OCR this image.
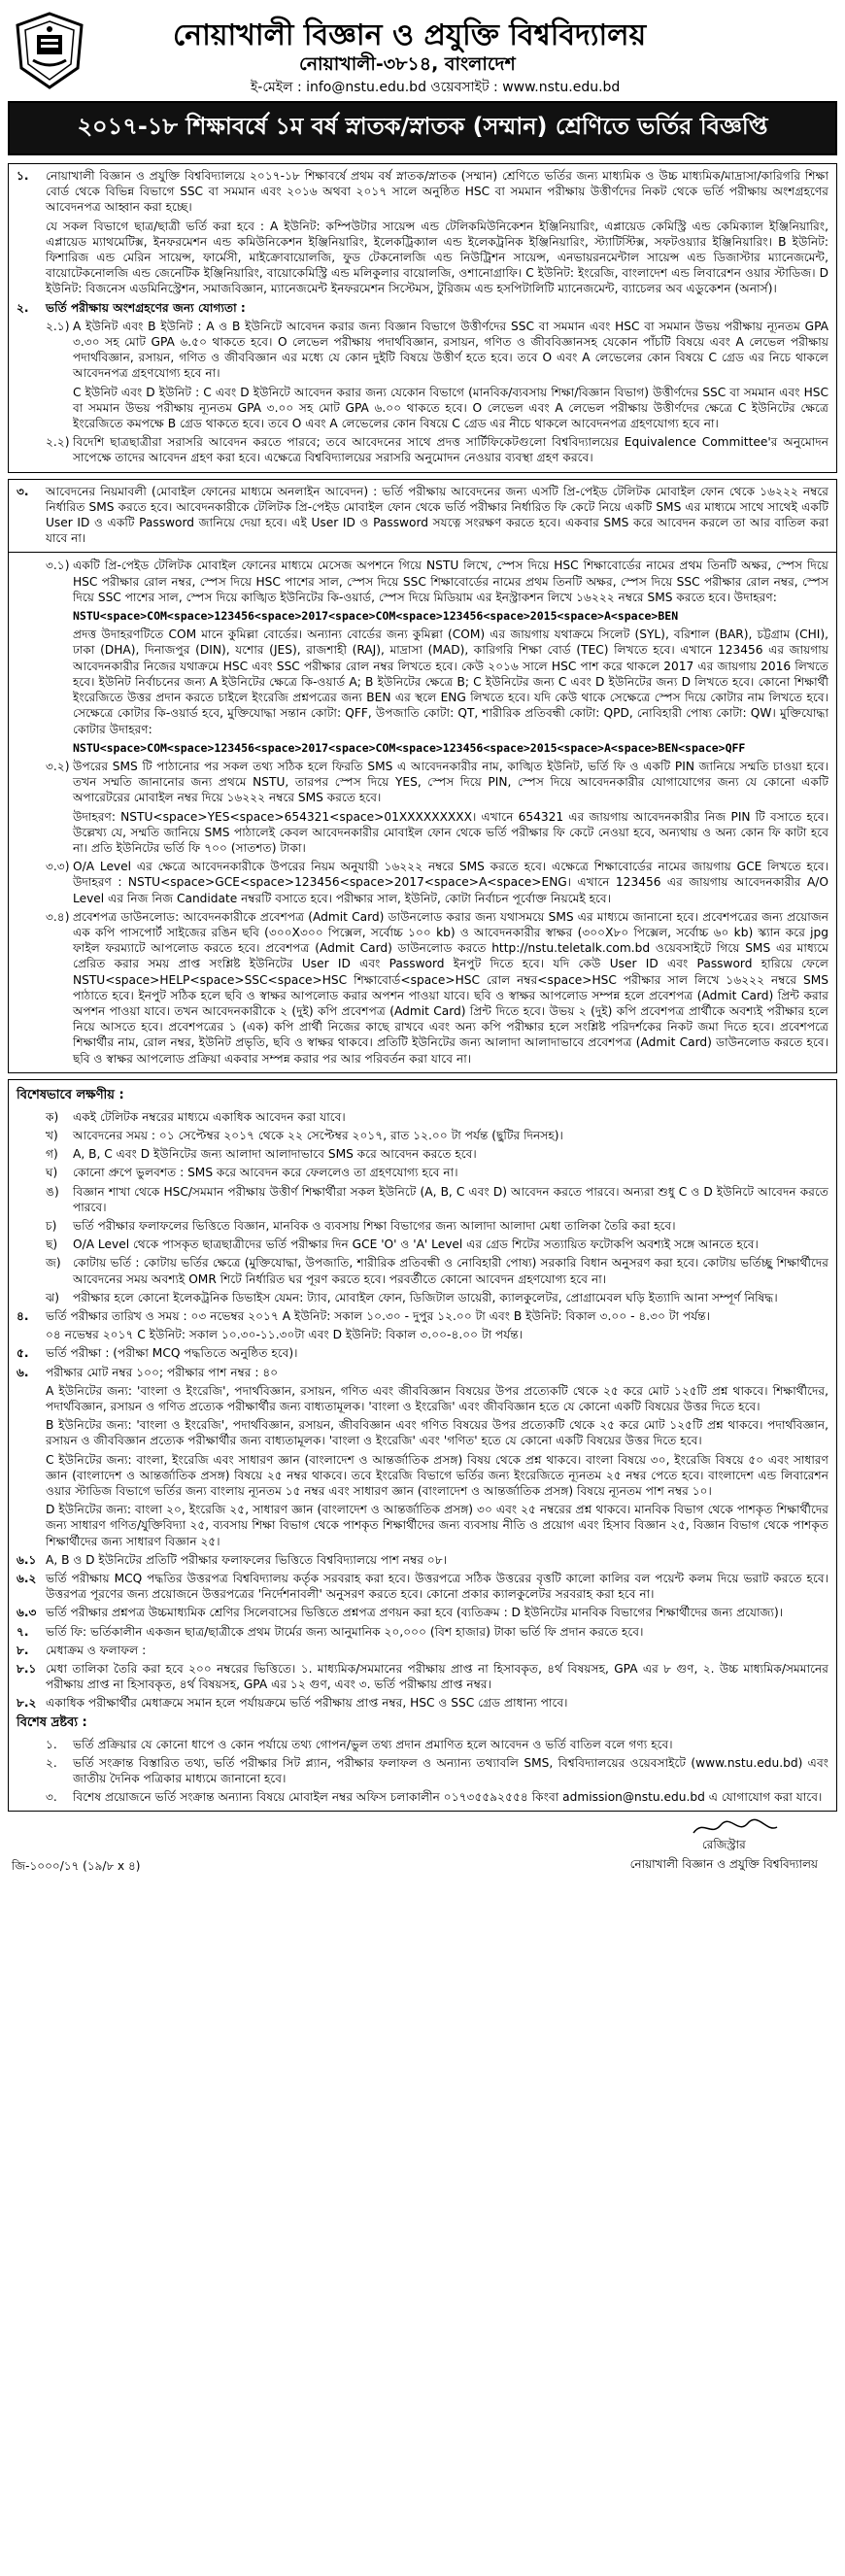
নোয়াখালী বিজ্ঞান ও প্রযুক্তি বিশ্ববিদ্যালয়
নোয়াখালী-৩৮১৪, বাংলাদেশ
ই-মেইল : info@nstu.edu.bd ওয়েবসাইট : www.nstu.edu.bd
২০১৭-১৮ শিক্ষাবর্ষে ১ম বর্ষ স্নাতক/স্নাতক (সম্মান) শ্রেণিতে ভর্তির বিজ্ঞপ্তি
১.	নোয়াখালী বিজ্ঞান ও প্রযুক্তি বিশ্ববিদ্যালয়ে ২০১৭-১৮ শিক্ষাবর্ষে প্রথম বর্ষ স্নাতক/স্নাতক (সম্মান) শ্রেণিতে ভর্তির জন্য মাধ্যমিক ও উচ্চ মাধ্যমিক/মাদ্রাসা/কারিগরি শিক্ষা বোর্ড থেকে বিভিন্ন বিভাগে SSC বা সমমান এবং ২০১৬ অথবা ২০১৭ সালে অনুষ্ঠিত HSC বা সমমান পরীক্ষায় উত্তীর্ণদের নিকট থেকে ভর্তি পরীক্ষায় অংশগ্রহণের আবেদনপত্র আহ্বান করা হচ্ছে।
যে সকল বিভাগে ছাত্র/ছাত্রী ভর্তি করা হবে : A ইউনিট: কম্পিউটার সায়েন্স এন্ড টেলিকমিউনিকেশন ইঞ্জিনিয়ারিং, এপ্লায়েড কেমিস্ট্রি এন্ড কেমিক্যাল ইঞ্জিনিয়ারিং, এপ্লায়েড ম্যাথমেটিক্স, ইনফরমেশন এন্ড কমিউনিকেশন ইঞ্জিনিয়ারিং, ইলেকট্রিক্যাল এন্ড ইলেকট্রনিক ইঞ্জিনিয়ারিং, স্ট্যাটিস্টিক্স, সফটওয়্যার ইঞ্জিনিয়ারিং। B ইউনিট: ফিশারিজ এন্ড মেরিন সায়েন্স, ফার্মেসী, মাইক্রোবায়োলজি, ফুড টেকনোলজি এন্ড নিউট্রিশন সায়েন্স, এনভায়রনমেন্টাল সায়েন্স এন্ড ডিজাস্টার ম্যানেজমেন্ট, বায়োটেকনোলজি এন্ড জেনেটিক ইঞ্জিনিয়ারিং, বায়োকেমিস্ট্রি এন্ড মলিকুলার বায়োলজি, ওশানোগ্রাফি। C ইউনিট: ইংরেজি, বাংলাদেশ এন্ড লিবারেশন ওয়ার স্টাডিজ। D ইউনিট: বিজনেস এডমিনিস্ট্রেশন, সমাজবিজ্ঞান, ম্যানেজমেন্ট ইনফরমেশন সিস্টেমস, টুরিজম এন্ড হসপিটালিটি ম্যানেজমেন্ট, ব্যাচেলর অব এডুকেশন (অনার্স)।
২.	ভর্তি পরীক্ষায় অংশগ্রহণের জন্য যোগ্যতা :
২.১) A ইউনিট এবং B ইউনিট : A ও B ইউনিটে আবেদন করার জন্য বিজ্ঞান বিভাগে উত্তীর্ণদের SSC বা সমমান এবং HSC বা সমমান উভয় পরীক্ষায় ন্যূনতম GPA ৩.৩০ সহ মোট GPA ৬.৫০ থাকতে হবে। O লেভেল পরীক্ষায় পদার্থবিজ্ঞান, রসায়ন, গণিত ও জীববিজ্ঞানসহ যেকোন পাঁচটি বিষয়ে এবং A লেভেল পরীক্ষায় পদার্থবিজ্ঞান, রসায়ন, গণিত ও জীববিজ্ঞান এর মধ্যে যে কোন দুইটি বিষয়ে উত্তীর্ণ হতে হবে। তবে O এবং A লেভেলের কোন বিষয়ে C গ্রেড এর নিচে থাকলে আবেদনপত্র গ্রহণযোগ্য হবে না।
C ইউনিট এবং D ইউনিট : C এবং D ইউনিটে আবেদন করার জন্য যেকোন বিভাগে (মানবিক/ব্যবসায় শিক্ষা/বিজ্ঞান বিভাগ) উত্তীর্ণদের SSC বা সমমান এবং HSC বা সমমান উভয় পরীক্ষায় ন্যূনতম GPA ৩.০০ সহ মোট GPA ৬.০০ থাকতে হবে। O লেভেল এবং A লেভেল পরীক্ষায় উত্তীর্ণদের ক্ষেত্রে C ইউনিটের ক্ষেত্রে ইংরেজিতে কমপক্ষে B গ্রেড থাকতে হবে। তবে O এবং A লেভেলের কোন বিষয়ে C গ্রেড এর নীচে থাকলে আবেদনপত্র গ্রহণযোগ্য হবে না।
২.২) বিদেশি ছাত্রছাত্রীরা সরাসরি আবেদন করতে পারবে; তবে আবেদনের সাথে প্রদত্ত সার্টিফিকেটগুলো বিশ্ববিদ্যালয়ের Equivalence Committee'র অনুমোদন সাপেক্ষে তাদের আবেদন গ্রহণ করা হবে। এক্ষেত্রে বিশ্ববিদ্যালয়ের সরাসরি অনুমোদন নেওয়ার ব্যবস্থা গ্রহণ করবে।
৩.	আবেদনের নিয়মাবলী (মোবাইল ফোনের মাধ্যমে অনলাইন আবেদন) : ভর্তি পরীক্ষায় আবেদনের জন্য এসটি প্রি-পেইড টেলিটক মোবাইল ফোন থেকে ১৬২২২ নম্বরে নির্ধারিত SMS করতে হবে। আবেদনকারীকে টেলিটক প্রি-পেইড মোবাইল ফোন থেকে ভর্তি পরীক্ষার নির্ধারিত ফি কেটে নিয়ে একটি SMS এর মাধ্যমে সাথে সাথেই একটি User ID ও একটি Password জানিয়ে দেয়া হবে। এই User ID ও Password সযত্নে সংরক্ষণ করতে হবে। একবার SMS করে আবেদন করলে তা আর বাতিল করা যাবে না।
৩.১) একটি প্রি-পেইড টেলিটক মোবাইল ফোনের মাধ্যমে মেসেজ অপশনে গিয়ে NSTU লিখে, স্পেস দিয়ে HSC শিক্ষাবোর্ডের নামের প্রথম তিনটি অক্ষর, স্পেস দিয়ে HSC পরীক্ষার রোল নম্বর, স্পেস দিয়ে HSC পাশের সাল, স্পেস দিয়ে SSC শিক্ষাবোর্ডের নামের প্রথম তিনটি অক্ষর, স্পেস দিয়ে SSC পরীক্ষার রোল নম্বর, স্পেস দিয়ে SSC পাশের সাল, স্পেস দিয়ে কাঙ্খিত ইউনিটের কি-ওয়ার্ড, স্পেস দিয়ে মিডিয়াম এর ইনস্ট্রাকশন লিখে ১৬২২২ নম্বরে SMS করতে হবে। উদাহরণ:
NSTU<space>COM<space>123456<space>2017<space>COM<space>123456<space>2015<space>A<space>BEN
প্রদত্ত উদাহরণটিতে COM মানে কুমিল্লা বোর্ডের। অন্যান্য বোর্ডের জন্য কুমিল্লা (COM) এর জায়গায় যথাক্রমে সিলেট (SYL), বরিশাল (BAR), চট্টগ্রাম (CHI), ঢাকা (DHA), দিনাজপুর (DIN), যশোর (JES), রাজশাহী (RAJ), মাদ্রাসা (MAD), কারিগরি শিক্ষা বোর্ড (TEC) লিখতে হবে। এখানে 123456 এর জায়গায় আবেদনকারীর নিজের যথাক্রমে HSC এবং SSC পরীক্ষার রোল নম্বর লিখতে হবে। কেউ ২০১৬ সালে HSC পাশ করে থাকলে 2017 এর জায়গায় 2016 লিখতে হবে। ইউনিট নির্বাচনের জন্য A ইউনিটের ক্ষেত্রে কি-ওয়ার্ড A; B ইউনিটের ক্ষেত্রে B; C ইউনিটের জন্য C এবং D ইউনিটের জন্য D লিখতে হবে। কোনো শিক্ষার্থী ইংরেজিতে উত্তর প্রদান করতে চাইলে ইংরেজি প্রশ্নপত্রের জন্য BEN এর স্থলে ENG লিখতে হবে। যদি কেউ থাকে সেক্ষেত্রে স্পেস দিয়ে কোটার নাম লিখতে হবে। সেক্ষেত্রে কোটার কি-ওয়ার্ড হবে, মুক্তিযোদ্ধা সন্তান কোটা: QFF, উপজাতি কোটা: QT, শারীরিক প্রতিবন্ধী কোটা: QPD, নোবিহারী পোষ্য কোটা: QW। মুক্তিযোদ্ধা কোটার উদাহরণ:
NSTU<space>COM<space>123456<space>2017<space>COM<space>123456<space>2015<space>A<space>BEN<space>QFF
৩.২) উপরের SMS টি পাঠানোর পর সকল তথ্য সঠিক হলে ফিরতি SMS এ আবেদনকারীর নাম, কাঙ্খিত ইউনিট, ভর্তি ফি ও একটি PIN জানিয়ে সম্মতি চাওয়া হবে। তখন সম্মতি জানানোর জন্য প্রথমে NSTU, তারপর স্পেস দিয়ে YES, স্পেস দিয়ে PIN, স্পেস দিয়ে আবেদনকারীর যোগাযোগের জন্য যে কোনো একটি অপারেটরের মোবাইল নম্বর দিয়ে ১৬২২২ নম্বরে SMS করতে হবে।
উদাহরণ: NSTU<space>YES<space>654321<space>01XXXXXXXXX। এখানে 654321 এর জায়গায় আবেদনকারীর নিজ PIN টি বসাতে হবে। উল্লেখ্য যে, সম্মতি জানিয়ে SMS পাঠালেই কেবল আবেদনকারীর মোবাইল ফোন থেকে ভর্তি পরীক্ষার ফি কেটে নেওয়া হবে, অন্যথায় ও অন্য কোন ফি কাটা হবে না। প্রতি ইউনিটের ভর্তি ফি ৭০০ (সাতশত) টাকা।
৩.৩) O/A Level এর ক্ষেত্রে আবেদনকারীকে উপরের নিয়ম অনুযায়ী ১৬২২২ নম্বরে SMS করতে হবে। এক্ষেত্রে শিক্ষাবোর্ডের নামের জায়গায় GCE লিখতে হবে। উদাহরণ : NSTU<space>GCE<space>123456<space>2017<space>A<space>ENG। এখানে 123456 এর জায়গায় আবেদনকারীর A/O Level এর নিজ নিজ Candidate নম্বরটি বসাতে হবে। পরীক্ষার সাল, ইউনিট, কোটা নির্বাচন পূর্বোক্ত নিয়মেই হবে।
৩.৪) প্রবেশপত্র ডাউনলোড: আবেদনকারীকে প্রবেশপত্র (Admit Card) ডাউনলোড করার জন্য যথাসময়ে SMS এর মাধ্যমে জানানো হবে। প্রবেশপত্রের জন্য প্রয়োজন এক কপি পাসপোর্ট সাইজের রঙিন ছবি (৩০০X৩০০ পিক্সেল, সর্বোচ্চ ১০০ kb) ও আবেদনকারীর স্বাক্ষর (৩০০X৮০ পিক্সেল, সর্বোচ্চ ৬০ kb) স্ক্যান করে jpg ফাইল ফরম্যাটে আপলোড করতে হবে। প্রবেশপত্র (Admit Card) ডাউনলোড করতে http://nstu.teletalk.com.bd ওয়েবসাইটে গিয়ে SMS এর মাধ্যমে প্রেরিত করার সময় প্রাপ্ত সংশ্লিষ্ট ইউনিটের User ID এবং Password ইনপুট দিতে হবে। যদি কেউ User ID এবং Password হারিয়ে ফেলে NSTU<space>HELP<space>SSC<space>HSC শিক্ষাবোর্ড<space>HSC রোল নম্বর<space>HSC পরীক্ষার সাল লিখে ১৬২২২ নম্বরে SMS পাঠাতে হবে। ইনপুট সঠিক হলে ছবি ও স্বাক্ষর আপলোড করার অপশন পাওয়া যাবে। ছবি ও স্বাক্ষর আপলোড সম্পন্ন হলে প্রবেশপত্র (Admit Card) প্রিন্ট করার অপশন পাওয়া যাবে। তখন আবেদনকারীকে ২ (দুই) কপি প্রবেশপত্র (Admit Card) প্রিন্ট দিতে হবে। উভয় ২ (দুই) কপি প্রবেশপত্র প্রার্থীকে অবশ্যই পরীক্ষার হলে নিয়ে আসতে হবে। প্রবেশপত্রের ১ (এক) কপি প্রার্থী নিজের কাছে রাখবে এবং অন্য কপি পরীক্ষার হলে সংশ্লিষ্ট পরিদর্শকের নিকট জমা দিতে হবে। প্রবেশপত্রে শিক্ষার্থীর নাম, রোল নম্বর, ইউনিট প্রভৃতি, ছবি ও স্বাক্ষর থাকবে। প্রতিটি ইউনিটের জন্য আলাদা আলাদাভাবে প্রবেশপত্র (Admit Card) ডাউনলোড করতে হবে। ছবি ও স্বাক্ষর আপলোড প্রক্রিয়া একবার সম্পন্ন করার পর আর পরিবর্তন করা যাবে না।
বিশেষভাবে লক্ষণীয় :
ক)	একই টেলিটক নম্বরের মাধ্যমে একাধিক আবেদন করা যাবে।
খ)	আবেদনের সময় : ০১ সেপ্টেম্বর ২০১৭ থেকে ২২ সেপ্টেম্বর ২০১৭, রাত ১২.০০ টা পর্যন্ত (ছুটির দিনসহ)।
গ)	A, B, C এবং D ইউনিটের জন্য আলাদা আলাদাভাবে SMS করে আবেদন করতে হবে।
ঘ)	কোনো প্রুপে ভুলবশত : SMS করে আবেদন করে ফেললেও তা গ্রহণযোগ্য হবে না।
ঙ)	বিজ্ঞান শাখা থেকে HSC/সমমান পরীক্ষায় উত্তীর্ণ শিক্ষার্থীরা সকল ইউনিটে (A, B, C এবং D) আবেদন করতে পারবে। অন্যরা শুধু C ও D ইউনিটে আবেদন করতে পারবে।
চ)	ভর্তি পরীক্ষার ফলাফলের ভিত্তিতে বিজ্ঞান, মানবিক ও ব্যবসায় শিক্ষা বিভাগের জন্য আলাদা আলাদা মেধা তালিকা তৈরি করা হবে।
ছ)	O/A Level থেকে পাসকৃত ছাত্রছাত্রীদের ভর্তি পরীক্ষার দিন GCE 'O' ও 'A' Level এর গ্রেড শিটের সত্যায়িত ফটোকপি অবশ্যই সঙ্গে আনতে হবে।
জ)	কোটায় ভর্তি : কোটায় ভর্তির ক্ষেত্রে (মুক্তিযোদ্ধা, উপজাতি, শারীরিক প্রতিবন্ধী ও নোবিহারী পোষ্য) সরকারি বিধান অনুসরণ করা হবে। কোটায় ভর্তিচ্ছু শিক্ষার্থীদের আবেদনের সময় অবশ্যই OMR শিটে নির্ধারিত ঘর পূরণ করতে হবে। পরবর্তীতে কোনো আবেদন গ্রহণযোগ্য হবে না।
ঝ)	পরীক্ষার হলে কোনো ইলেকট্রনিক ডিভাইস যেমন: ট্যাব, মোবাইল ফোন, ডিজিটাল ডায়েরী, ক্যালকুলেটর, প্রোগ্রামেবল ঘড়ি ইত্যাদি আনা সম্পূর্ণ নিষিদ্ধ।
৪.	ভর্তি পরীক্ষার তারিখ ও সময় : ০৩ নভেম্বর ২০১৭ A ইউনিট: সকাল ১০.৩০ - দুপুর ১২.০০ টা এবং B ইউনিট: বিকাল ৩.০০ - ৪.৩০ টা পর্যন্ত।
০৪ নভেম্বর ২০১৭ C ইউনিট: সকাল ১০.৩০-১১.৩০টা এবং D ইউনিট: বিকাল ৩.০০-৪.০০ টা পর্যন্ত।
৫.	ভর্তি পরীক্ষা : (পরীক্ষা MCQ পদ্ধতিতে অনুষ্ঠিত হবে)।
৬.	পরীক্ষার মোট নম্বর ১০০; পরীক্ষার পাশ নম্বর : ৪০
A ইউনিটের জন্য: 'বাংলা ও ইংরেজি', পদার্থবিজ্ঞান, রসায়ন, গণিত এবং জীববিজ্ঞান বিষয়ের উপর প্রত্যেকটি থেকে ২৫ করে মোট ১২৫টি প্রশ্ন থাকবে। শিক্ষার্থীদের, পদার্থবিজ্ঞান, রসায়ন ও গণিত প্রত্যেক পরীক্ষার্থীর জন্য বাধ্যতামূলক। 'বাংলা ও ইংরেজি' এবং জীববিজ্ঞান হতে যে কোনো একটি বিষয়ের উত্তর দিতে হবে।
B ইউনিটের জন্য: 'বাংলা ও ইংরেজি', পদার্থবিজ্ঞান, রসায়ন, জীববিজ্ঞান এবং গণিত বিষয়ের উপর প্রত্যেকটি থেকে ২৫ করে মোট ১২৫টি প্রশ্ন থাকবে। পদার্থবিজ্ঞান, রসায়ন ও জীববিজ্ঞান প্রত্যেক পরীক্ষার্থীর জন্য বাধ্যতামূলক। 'বাংলা ও ইংরেজি' এবং 'গণিত' হতে যে কোনো একটি বিষয়ের উত্তর দিতে হবে।
C ইউনিটের জন্য: বাংলা, ইংরেজি এবং সাধারণ জ্ঞান (বাংলাদেশ ও আন্তর্জাতিক প্রসঙ্গ) বিষয় থেকে প্রশ্ন থাকবে। বাংলা বিষয়ে ৩০, ইংরেজি বিষয়ে ৫০ এবং সাধারণ জ্ঞান (বাংলাদেশ ও আন্তর্জাতিক প্রসঙ্গ) বিষয়ে ২৫ নম্বর থাকবে। তবে ইংরেজি বিভাগে ভর্তির জন্য ইংরেজিতে ন্যূনতম ২৫ নম্বর পেতে হবে। বাংলাদেশ এন্ড লিবারেশন ওয়ার স্টাডিজ বিভাগে ভর্তির জন্য বাংলায় ন্যূনতম ১৫ নম্বর এবং সাধারণ জ্ঞান (বাংলাদেশ ও আন্তর্জাতিক প্রসঙ্গ) বিষয়ে ন্যূনতম পাশ নম্বর ১০।
D ইউনিটের জন্য: বাংলা ২০, ইংরেজি ২৫, সাধারণ জ্ঞান (বাংলাদেশ ও আন্তর্জাতিক প্রসঙ্গ) ৩০ এবং ২৫ নম্বরের প্রশ্ন থাকবে। মানবিক বিভাগ থেকে পাশকৃত শিক্ষার্থীদের জন্য সাধারণ গণিত/যুক্তিবিদ্যা ২৫, ব্যবসায় শিক্ষা বিভাগ থেকে পাশকৃত শিক্ষার্থীদের জন্য ব্যবসায় নীতি ও প্রয়োগ এবং হিসাব বিজ্ঞান ২৫, বিজ্ঞান বিভাগ থেকে পাশকৃত শিক্ষার্থীদের জন্য সাধারণ বিজ্ঞান ২৫।
৬.১ A, B ও D ইউনিটের প্রতিটি পরীক্ষার ফলাফলের ভিত্তিতে বিশ্ববিদ্যালয়ে পাশ নম্বর ০৮।
৬.২ ভর্তি পরীক্ষায় MCQ পদ্ধতির উত্তরপত্র বিশ্ববিদ্যালয় কর্তৃক সরবরাহ করা হবে। উত্তরপত্রে সঠিক উত্তরের বৃত্তটি কালো কালির বল পয়েন্ট কলম দিয়ে ভরাট করতে হবে। উত্তরপত্র পূরণের জন্য প্রয়োজনে উত্তরপত্রের 'নির্দেশনাবলী' অনুসরণ করতে হবে। কোনো প্রকার ক্যালকুলেটর সরবরাহ করা হবে না।
৬.৩ ভর্তি পরীক্ষার প্রশ্নপত্র উচ্চমাধ্যমিক শ্রেণির সিলেবাসের ভিত্তিতে প্রশ্নপত্র প্রণয়ন করা হবে (ব্যতিক্রম : D ইউনিটের মানবিক বিভাগের শিক্ষার্থীদের জন্য প্রযোজ্য)।
৭.	ভর্তি ফি: ভর্তিকালীন একজন ছাত্র/ছাত্রীকে প্রথম টার্মের জন্য আনুমানিক ২০,০০০ (বিশ হাজার) টাকা ভর্তি ফি প্রদান করতে হবে।
৮.	মেধাক্রম ও ফলাফল :
৮.১ মেধা তালিকা তৈরি করা হবে ২০০ নম্বরের ভিত্তিতে। ১. মাধ্যমিক/সমমানের পরীক্ষায় প্রাপ্ত না হিসাবকৃত, ৪র্থ বিষয়সহ, GPA এর ৮ গুণ, ২. উচ্চ মাধ্যমিক/সমমানের পরীক্ষায় প্রাপ্ত না হিসাবকৃত, ৪র্থ বিষয়সহ, GPA এর ১২ গুণ, এবং ৩. ভর্তি পরীক্ষায় প্রাপ্ত নম্বর।
৮.২ একাধিক পরীক্ষার্থীর মেধাক্রমে সমান হলে পর্যায়ক্রমে ভর্তি পরীক্ষায় প্রাপ্ত নম্বর, HSC ও SSC গ্রেড প্রাধান্য পাবে।
বিশেষ দ্রষ্টব্য :
১.	ভর্তি প্রক্রিয়ার যে কোনো ধাপে ও কোন পর্যায়ে তথ্য গোপন/ভুল তথ্য প্রদান প্রমাণিত হলে আবেদন ও ভর্তি বাতিল বলে গণ্য হবে।
২.	ভর্তি সংক্রান্ত বিস্তারিত তথ্য, ভর্তি পরীক্ষার সিট প্ল্যান, পরীক্ষার ফলাফল ও অন্যান্য তথ্যাবলি SMS, বিশ্ববিদ্যালয়ের ওয়েবসাইটে (www.nstu.edu.bd) এবং জাতীয় দৈনিক পত্রিকার মাধ্যমে জানানো হবে।
৩.	বিশেষ প্রয়োজনে ভর্তি সংক্রান্ত অন্যান্য বিষয়ে মোবাইল নম্বর অফিস চলাকালীন ০১৭৩৫৫৯২৫৫৪ কিংবা admission@nstu.edu.bd এ যোগাযোগ করা যাবে।
জি-১০০০/১৭ (১৯/৮ x ৪)
রেজিস্ট্রার
নোয়াখালী বিজ্ঞান ও প্রযুক্তি বিশ্ববিদ্যালয়
